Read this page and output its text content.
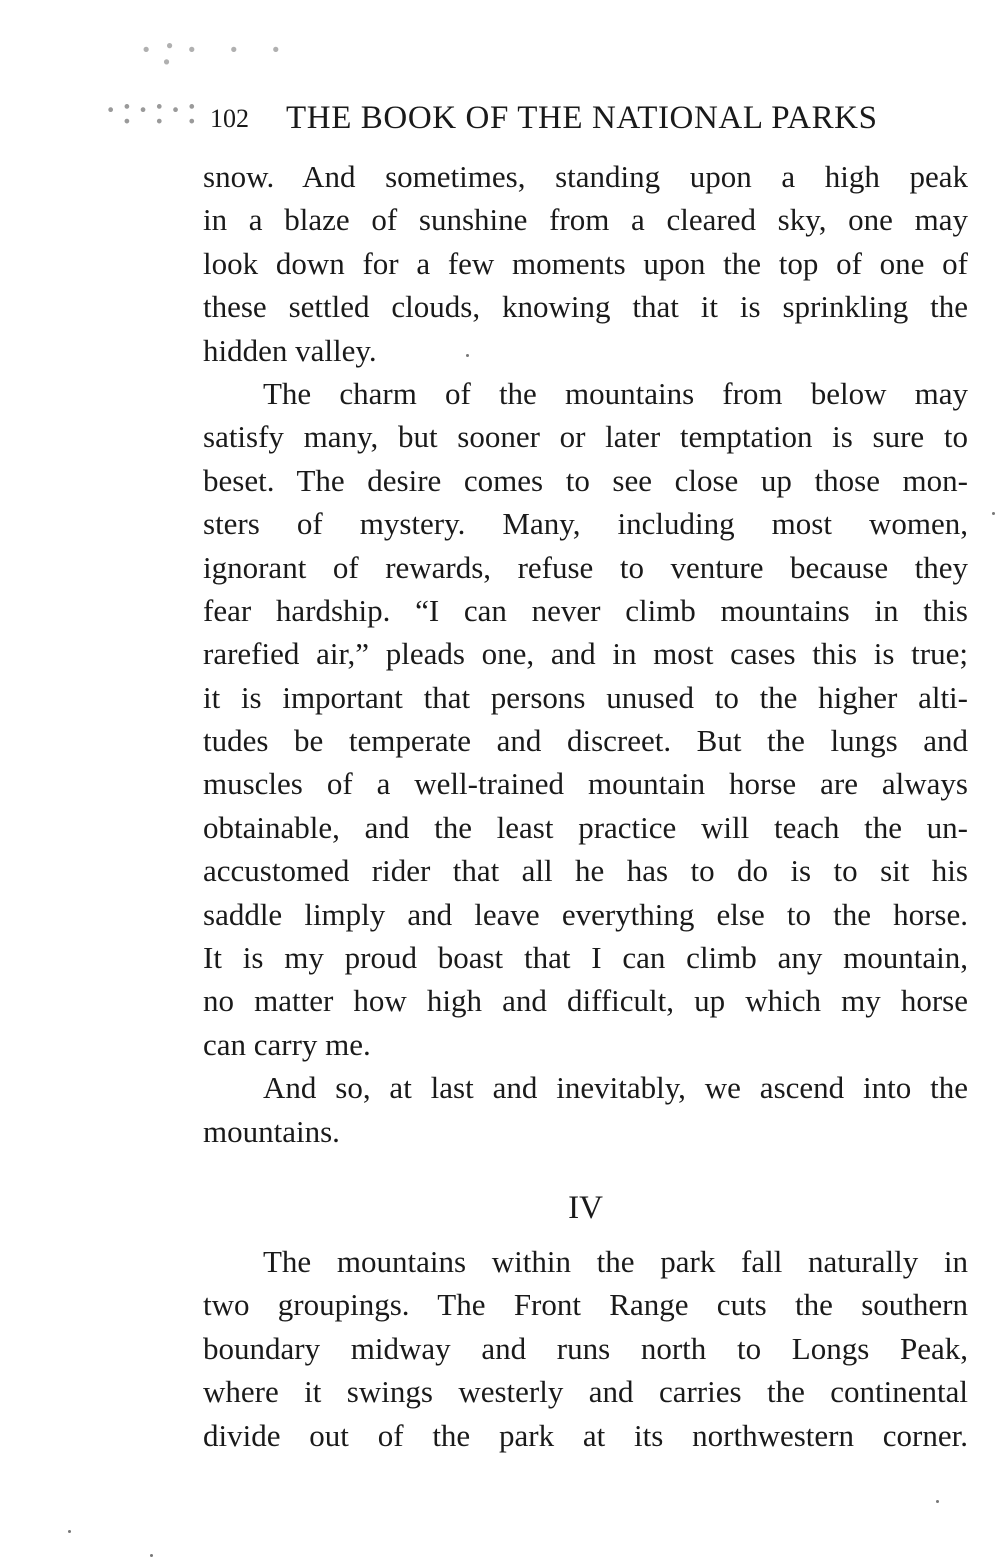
·:· · ·
·:·:·: 102 THE BOOK OF THE NATIONAL PARKS
snow. And sometimes, standing upon a high peak
in a blaze of sunshine from a cleared sky, one may
look down for a few moments upon the top of one of
these settled clouds, knowing that it is sprinkling the
hidden valley.
The charm of the mountains from below may
satisfy many, but sooner or later temptation is sure to
beset. The desire comes to see close up those mon-
sters of mystery. Many, including most women,
ignorant of rewards, refuse to venture because they
fear hardship. “I can never climb mountains in this
rarefied air,” pleads one, and in most cases this is true;
it is important that persons unused to the higher alti-
tudes be temperate and discreet. But the lungs and
muscles of a well-trained mountain horse are always
obtainable, and the least practice will teach the un-
accustomed rider that all he has to do is to sit his
saddle limply and leave everything else to the horse.
It is my proud boast that I can climb any mountain,
no matter how high and difficult, up which my horse
can carry me.
And so, at last and inevitably, we ascend into the
mountains.
IV
The mountains within the park fall naturally in
two groupings. The Front Range cuts the southern
boundary midway and runs north to Longs Peak,
where it swings westerly and carries the continental
divide out of the park at its northwestern corner.
